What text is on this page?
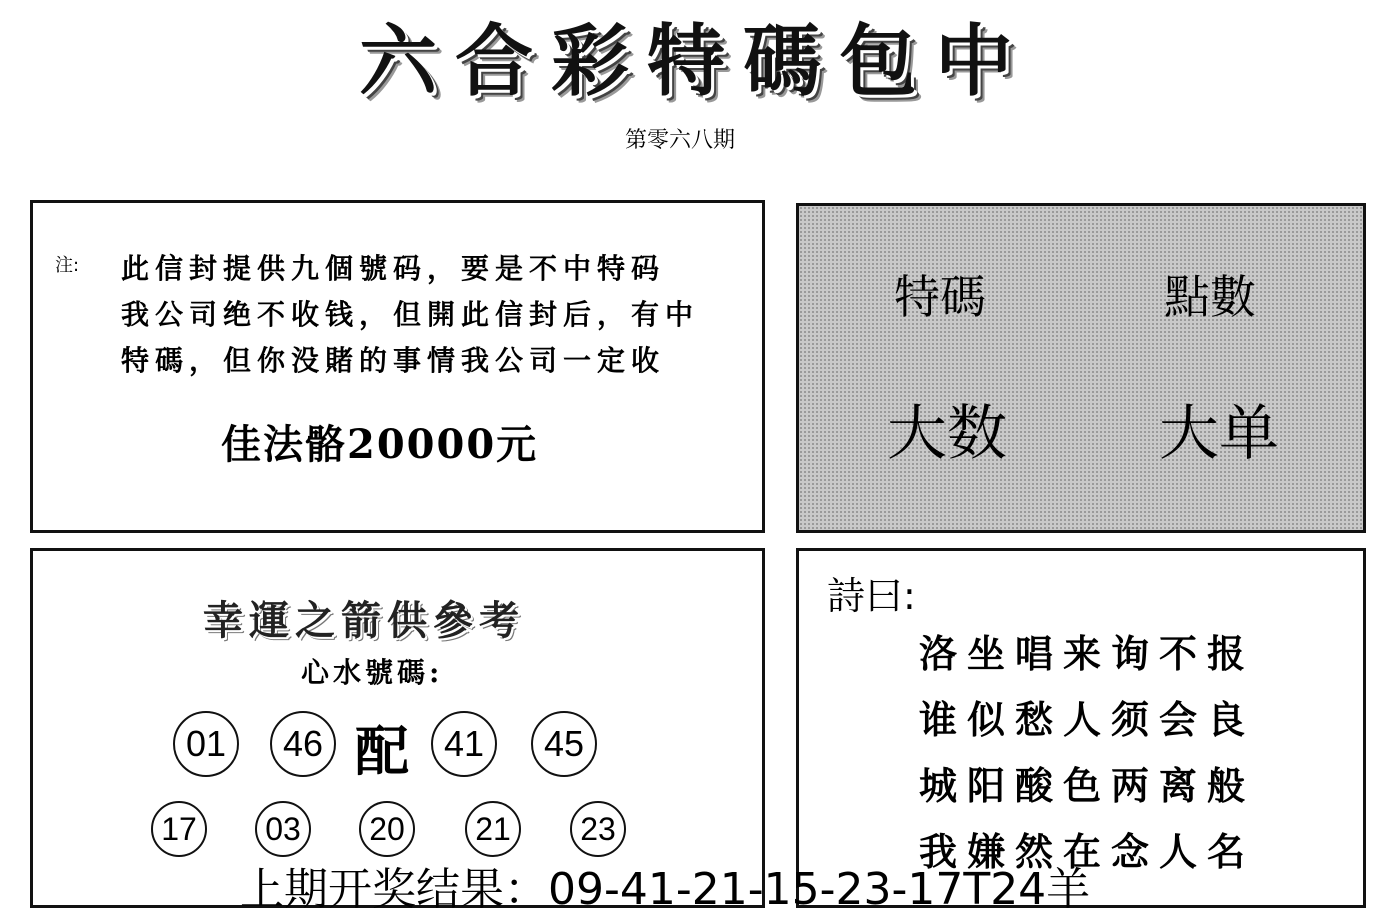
六合彩特碼包中
第零六八期
注: 此信封提供九個號码，要是不中特码
我公司绝不收钱，但開此信封后，有中
特碼，但你没賭的事情我公司一定收
佳法骼20000元
特碼	點數
大数	大单
幸運之箭供參考
心水號碼:
01	46 配 41	45
17	03	20	21	23
詩曰:
洛坐唱来询不报
谁似愁人须会良
城阳酸色两离般
我嫌然在念人名
上期开奖结果：09-41-21-15-23-17T24羊
